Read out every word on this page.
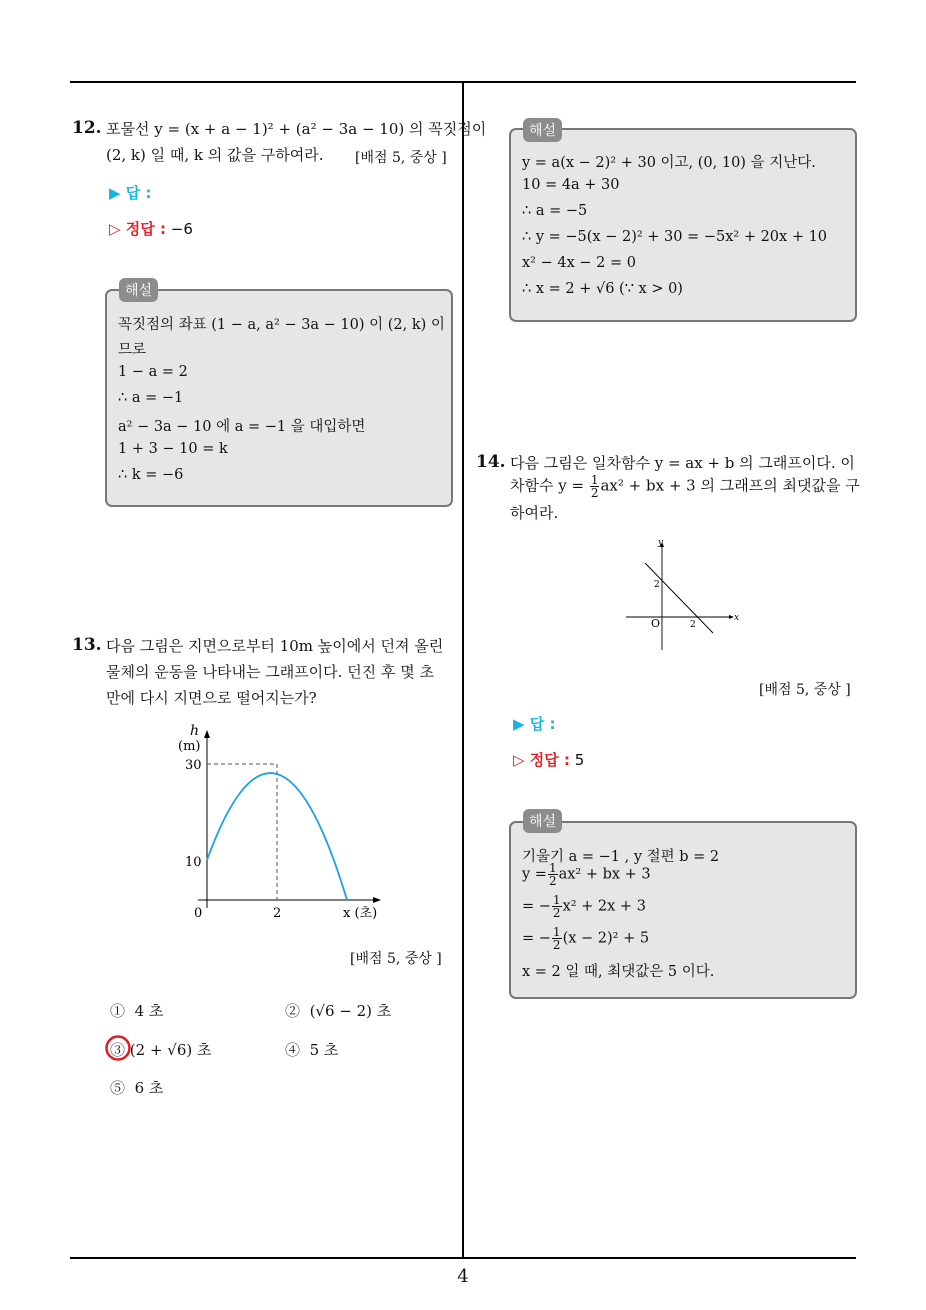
12. 포물선 y = (x + a − 1)² + (a² − 3a − 10) 의 꼭짓점이
(2, k) 일 때, k 의 값을 구하여라. [배점 5, 중상 ]
▶ 답 :
▷ 정답 : −6
해설
꼭짓점의 좌표 (1 − a, a² − 3a − 10) 이 (2, k) 이
므로
1 − a = 2
∴ a = −1
a² − 3a − 10 에 a = −1 을 대입하면
1 + 3 − 10 = k
∴ k = −6
13. 다음 그림은 지면으로부터 10m 높이에서 던져 올린
물체의 운동을 나타내는 그래프이다. 던진 후 몇 초
만에 다시 지면으로 떨어지는가?
h
(m)
30
10
0	2	x (초)
[배점 5, 중상 ]
① 4 초	② (√6 − 2) 초
③ (2 + √6) 초	④ 5 초
⑤ 6 초
해설
y = a(x − 2)² + 30 이고, (0, 10) 을 지난다.
10 = 4a + 30
∴ a = −5
∴ y = −5(x − 2)² + 30 = −5x² + 20x + 10
x² − 4x − 2 = 0
∴ x = 2 + √6 (∵ x > 0)
14. 다음 그림은 일차함수 y = ax + b 의 그래프이다. 이
차함수 $y = \frac{1}{2} ax^2$ + bx + 3 의 그래프의 최댓값을 구
하여라.
y
x
2
2
O
[배점 5, 중상 ]
▶ 답 :
▷ 정답 : 5
해설
기울기 a = −1 , y 절편 b = 2
$y = \frac{1}{2} ax^2$ + bx + 3
= − $\frac{1}{2} x^2 + 2x + 3$
= − $\frac{1}{2} (x - 2)^2 + 5$
x = 2 일 때, 최댓값은 5 이다.
4
